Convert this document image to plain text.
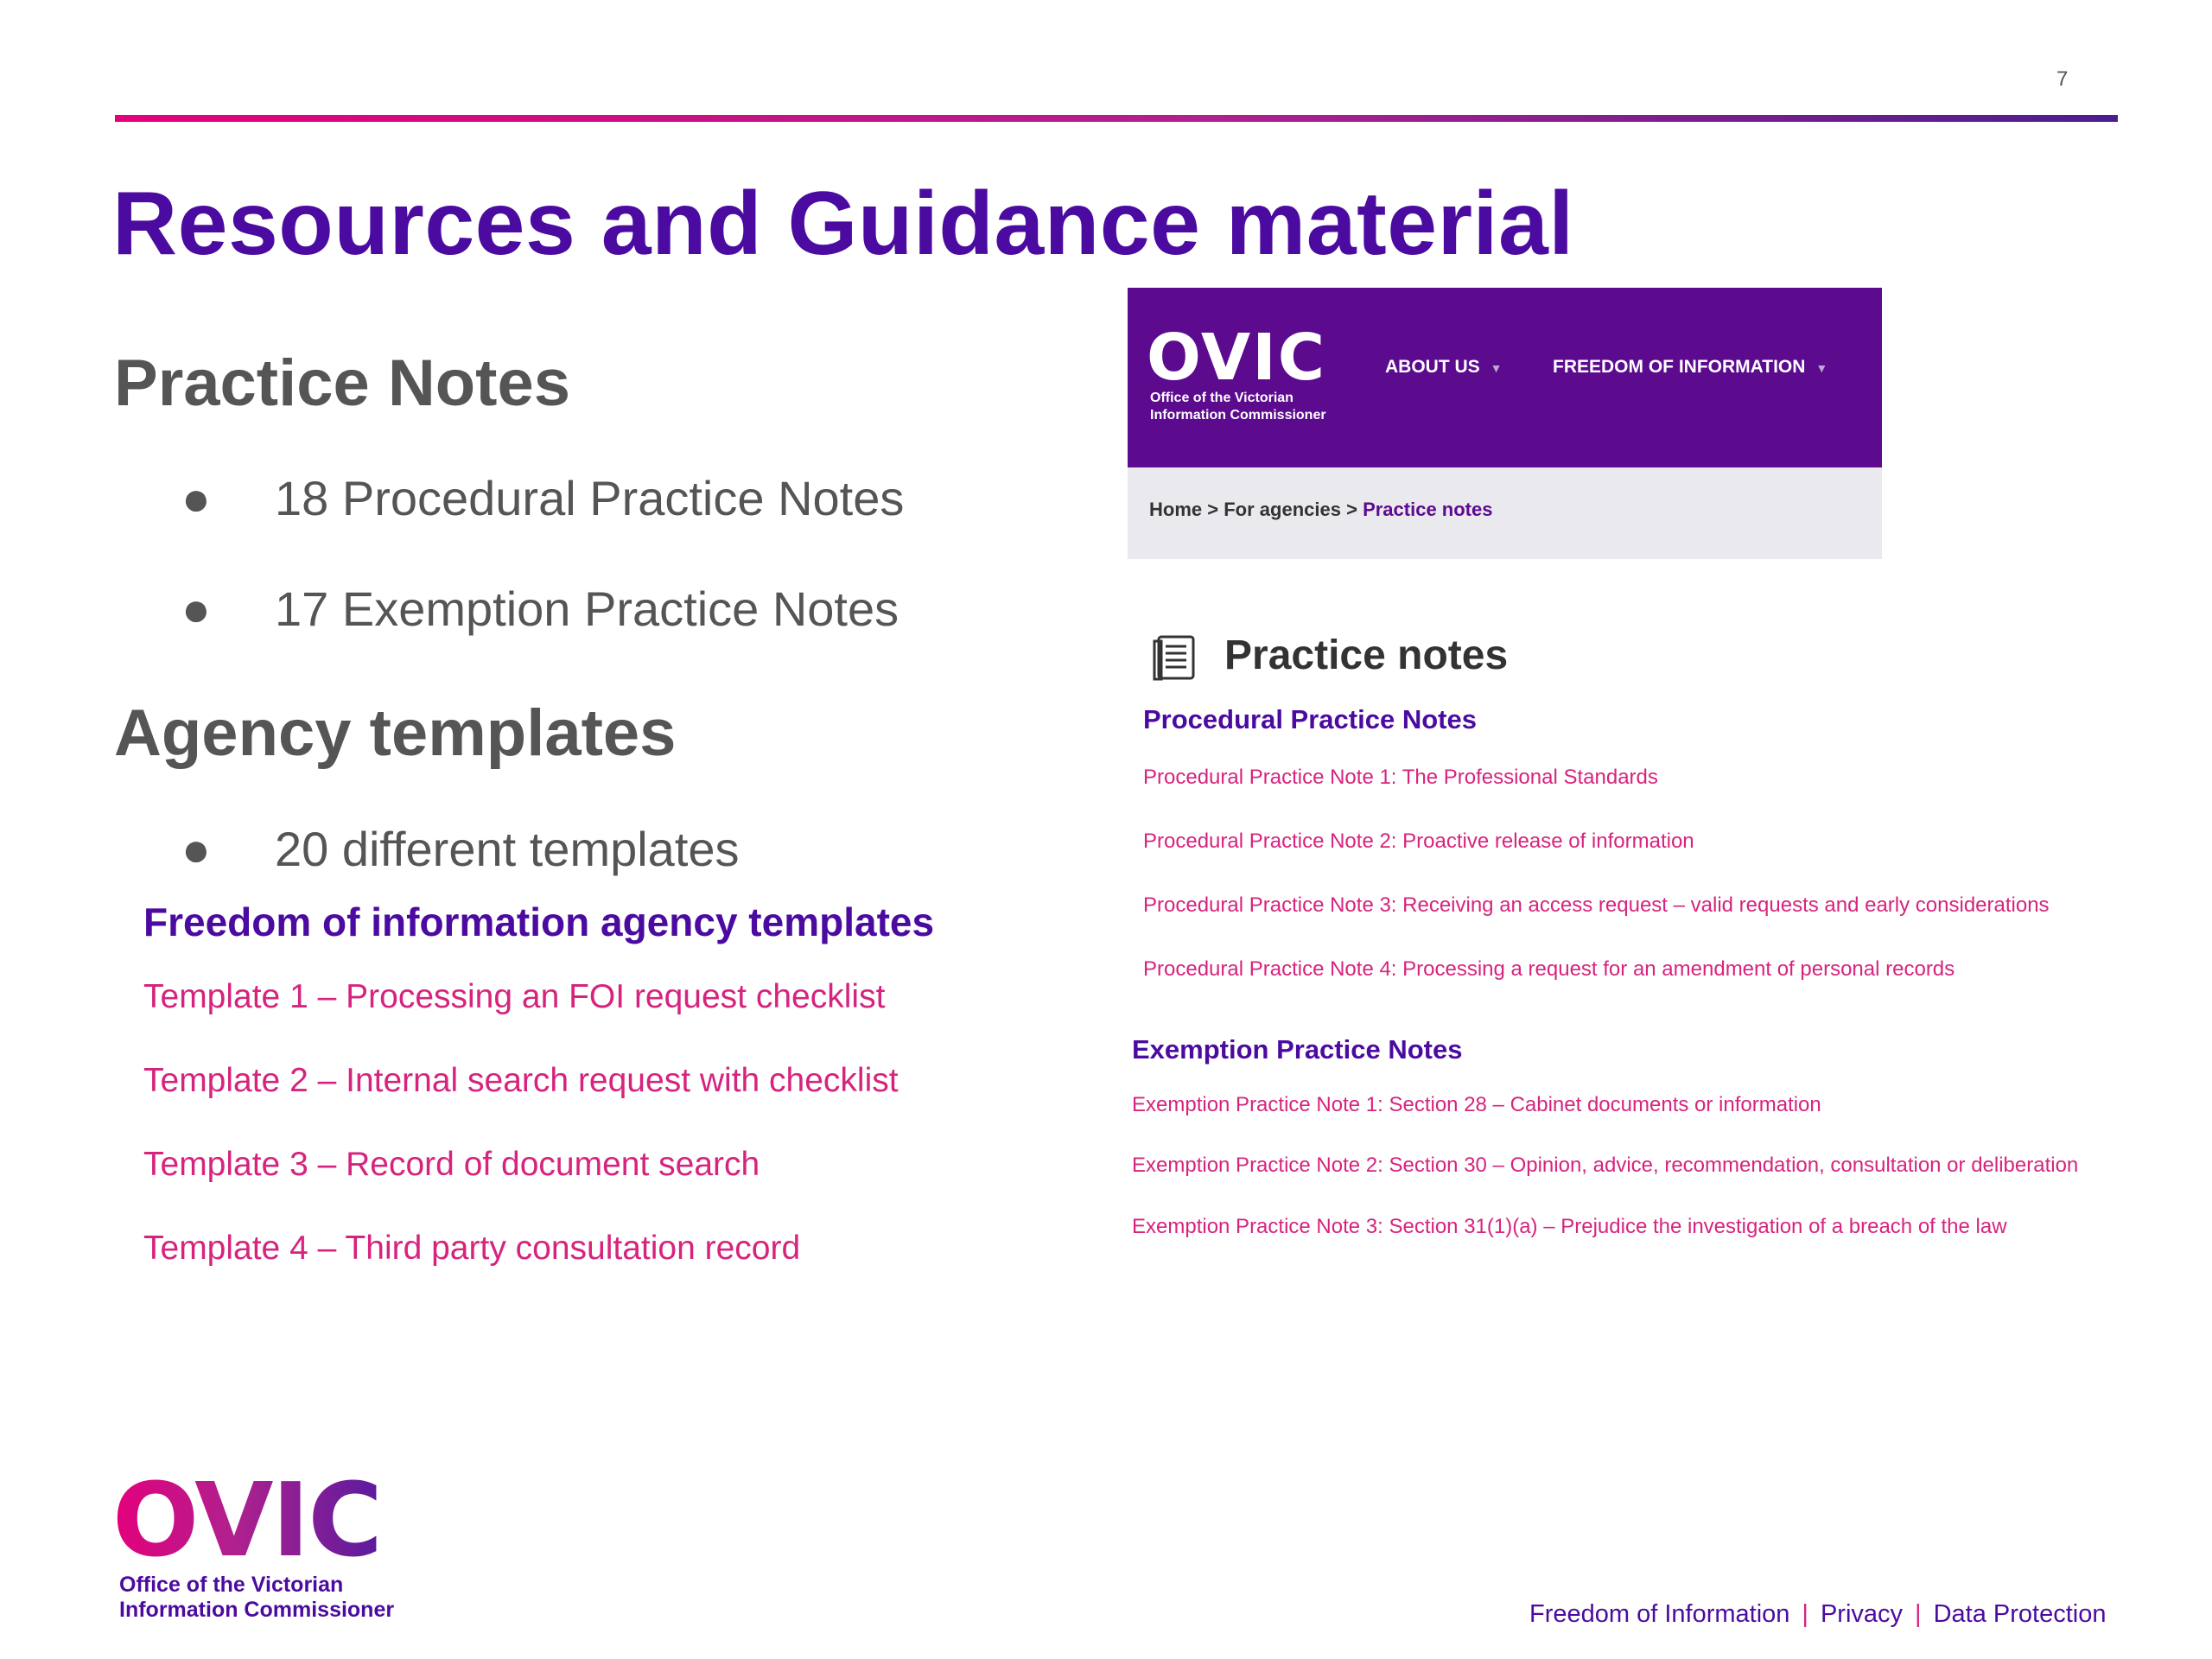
7
Resources and Guidance material
Practice Notes
● 18 Procedural Practice Notes
● 17 Exemption Practice Notes
Agency templates
● 20 different templates
Freedom of information agency templates
Template 1 – Processing an FOI request checklist
Template 2 – Internal search request with checklist
Template 3 – Record of document search
Template 4 – Third party consultation record
OVIC
Office of the Victorian
Information Commissioner
ABOUT US ▼	FREEDOM OF INFORMATION ▼
Home > For agencies > Practice notes
Practice notes
Procedural Practice Notes
Procedural Practice Note 1: The Professional Standards
Procedural Practice Note 2: Proactive release of information
Procedural Practice Note 3: Receiving an access request – valid requests and early considerations
Procedural Practice Note 4: Processing a request for an amendment of personal records
Exemption Practice Notes
Exemption Practice Note 1: Section 28 – Cabinet documents or information
Exemption Practice Note 2: Section 30 – Opinion, advice, recommendation, consultation or deliberation
Exemption Practice Note 3: Section 31(1)(a) – Prejudice the investigation of a breach of the law
OVIC
Office of the Victorian
Information Commissioner	Freedom of Information | Privacy | Data Protection
